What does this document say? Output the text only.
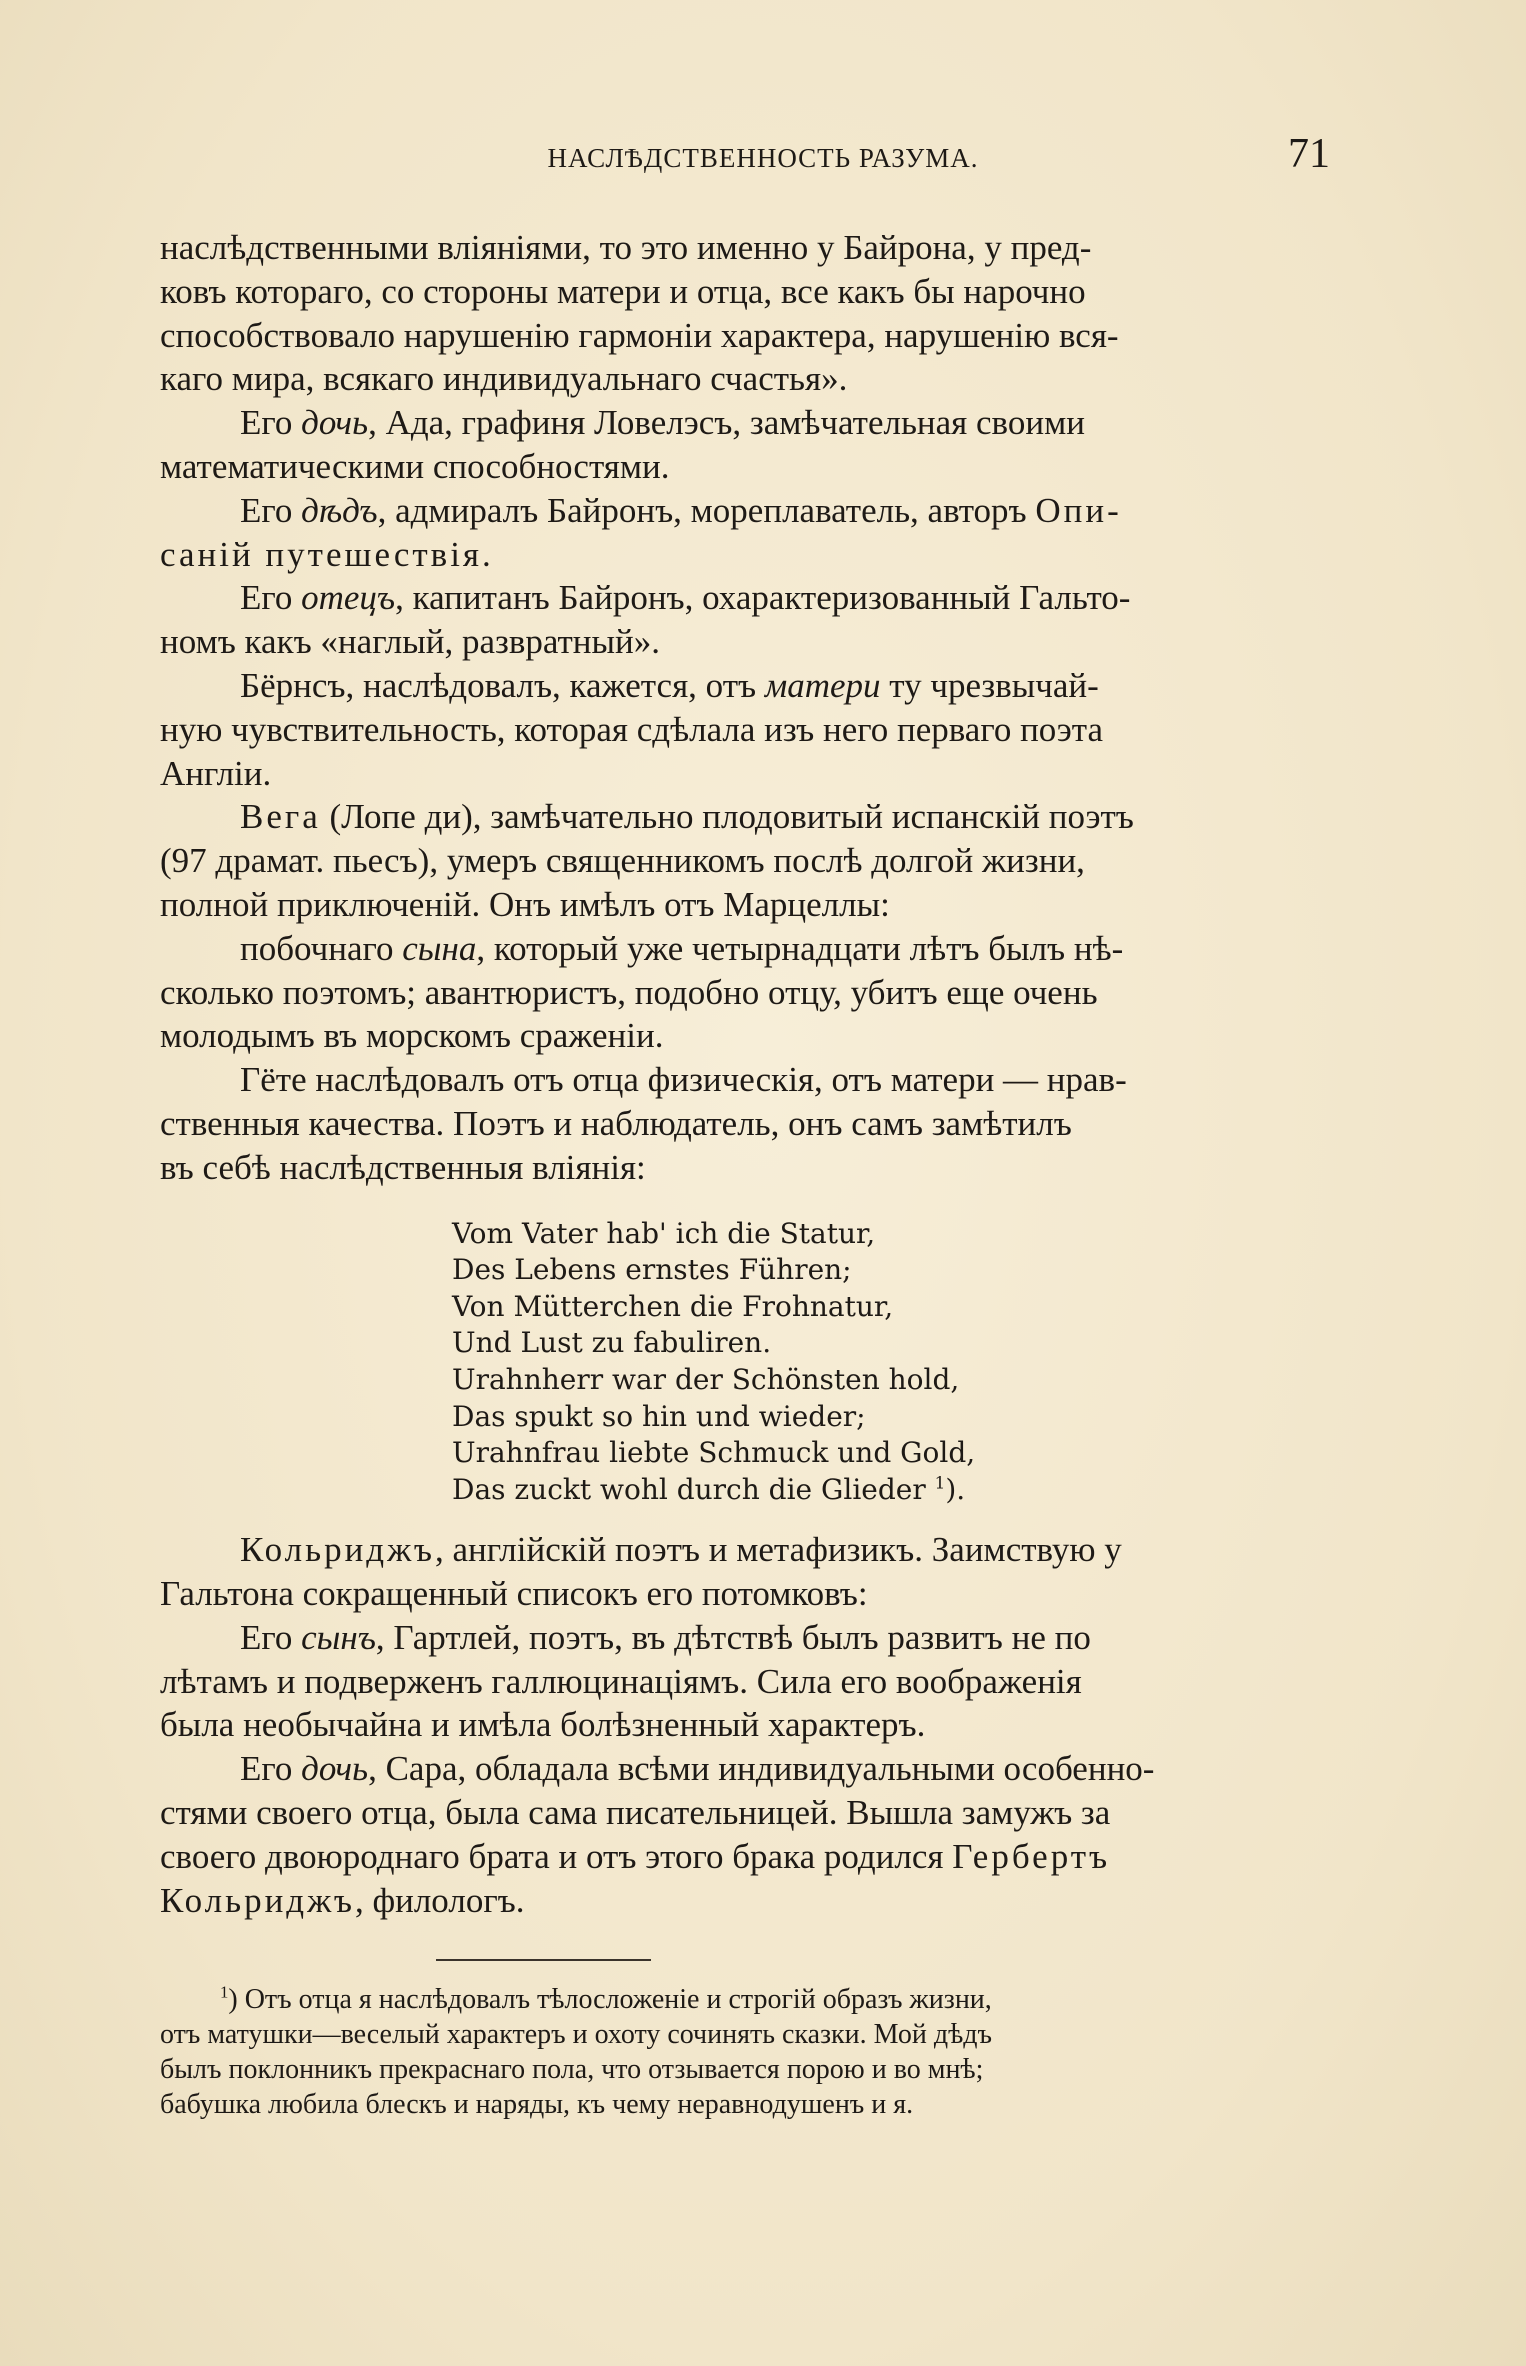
НАСЛѢДСТВЕННОСТЬ РАЗУМА.	71
наслѣдственными вліяніями, то это именно у Байрона, у пред-
ковъ котораго, со стороны матери и отца, все какъ бы нарочно
способствовало нарушенію гармоніи характера, нарушенію вся-
каго мира, всякаго индивидуальнаго счастья».
Его дочь, Ада, графиня Ловелэсъ, замѣчательная своими
математическими способностями.
Его дѣдъ, адмиралъ Байронъ, мореплаватель, авторъ Опи-
саній путешествія.
Его отецъ, капитанъ Байронъ, охарактеризованный Гальто-
номъ какъ «наглый, развратный».
Бёрнсъ, наслѣдовалъ, кажется, отъ матери ту чрезвычай-
ную чувствительность, которая сдѣлала изъ него перваго поэта
Англіи.
Вега (Лопе ди), замѣчательно плодовитый испанскій поэтъ
(97 драмат. пьесъ), умеръ священникомъ послѣ долгой жизни,
полной приключеній. Онъ имѣлъ отъ Марцеллы:
побочнаго сына, который уже четырнадцати лѣтъ былъ нѣ-
сколько поэтомъ; авантюристъ, подобно отцу, убитъ еще очень
молодымъ въ морскомъ сраженіи.
Гёте наслѣдовалъ отъ отца физическія, отъ матери — нрав-
ственныя качества. Поэтъ и наблюдатель, онъ самъ замѣтилъ
въ себѣ наслѣдственныя вліянія:
Vom Vater hab' ich die Statur,
Des Lebens ernstes Führen;
Von Mütterchen die Frohnatur,
Und Lust zu fabuliren.
Urahnherr war der Schönsten hold,
Das spukt so hin und wieder;
Urahnfrau liebte Schmuck und Gold,
Das zuckt wohl durch die Glieder $^1$).
Кольриджъ, англійскій поэтъ и метафизикъ. Заимствую у
Гальтона сокращенный списокъ его потомковъ:
Его сынъ, Гартлей, поэтъ, въ дѣтствѣ былъ развитъ не по
лѣтамъ и подверженъ галлюцинаціямъ. Сила его воображенія
была необычайна и имѣла болѣзненный характеръ.
Его дочь, Сара, обладала всѣми индивидуальными особенно-
стями своего отца, была сама писательницей. Вышла замужъ за
своего двоюроднаго брата и отъ этого брака родился Гербертъ
Кольриджъ, филологъ.
$^1$) Отъ отца я наслѣдовалъ тѣлосложеніе и строгій образъ жизни,
отъ матушки—веселый характеръ и охоту сочинять сказки. Мой дѣдъ
былъ поклонникъ прекраснаго пола, что отзывается порою и во мнѣ;
бабушка любила блескъ и наряды, къ чему неравнодушенъ и я.
